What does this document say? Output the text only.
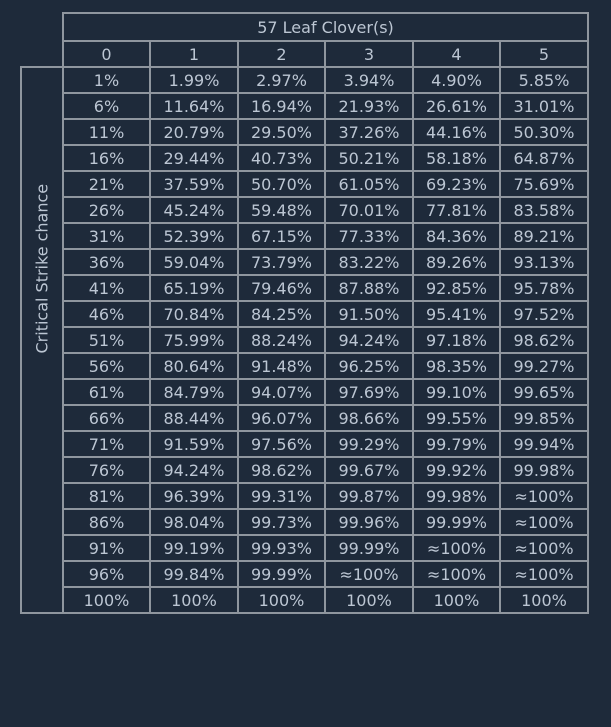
	57 Leaf Clover(s)					
	0	1	2	3	4	5

Critical Strike chance	1%	1.99%	2.97%	3.94%	4.90%	5.85%
	6%	11.64%	16.94%	21.93%	26.61%	31.01%
	11%	20.79%	29.50%	37.26%	44.16%	50.30%
	16%	29.44%	40.73%	50.21%	58.18%	64.87%
	21%	37.59%	50.70%	61.05%	69.23%	75.69%
	26%	45.24%	59.48%	70.01%	77.81%	83.58%
	31%	52.39%	67.15%	77.33%	84.36%	89.21%
	36%	59.04%	73.79%	83.22%	89.26%	93.13%
	41%	65.19%	79.46%	87.88%	92.85%	95.78%
	46%	70.84%	84.25%	91.50%	95.41%	97.52%
	51%	75.99%	88.24%	94.24%	97.18%	98.62%
	56%	80.64%	91.48%	96.25%	98.35%	99.27%
	61%	84.79%	94.07%	97.69%	99.10%	99.65%
	66%	88.44%	96.07%	98.66%	99.55%	99.85%
	71%	91.59%	97.56%	99.29%	99.79%	99.94%
	76%	94.24%	98.62%	99.67%	99.92%	99.98%
	81%	96.39%	99.31%	99.87%	99.98%	≈100%
	86%	98.04%	99.73%	99.96%	99.99%	≈100%
	91%	99.19%	99.93%	99.99%	≈100%	≈100%
	96%	99.84%	99.99%	≈100%	≈100%	≈100%
	100%	100%	100%	100%	100%	100%
